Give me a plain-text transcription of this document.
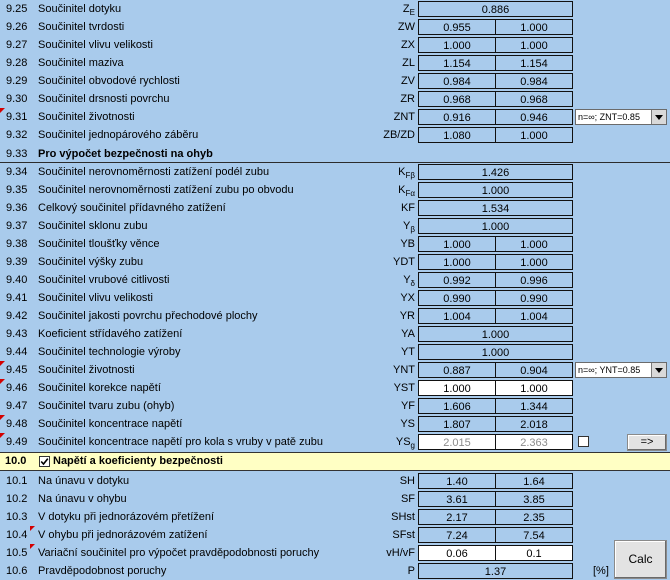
9.25 Součinitel dotyku	$Z_E$	0.886
9.26 Součinitel tvrdosti	ZW	0.955	1.000
9.27 Součinitel vlivu velikosti	ZX	1.000	1.000
9.28 Součinitel maziva	ZL	1.154	1.154
9.29 Součinitel obvodové rychlosti	ZV	0.984	0.984
9.30 Součinitel drsnosti povrchu	ZR	0.968	0.968
9.31 Součinitel životnosti	ZNT	0.916	0.946	n=∞; ZNT=0.85
9.32 Součinitel jednopárového záběru	ZB/ZD	1.080	1.000
9.33 Pro výpočet bezpečnosti na ohyb
9.34 Součinitel nerovnoměrnosti zatížení podél zubu	$K_{F\beta}$	1.426
9.35 Součinitel nerovnoměrnosti zatížení zubu po obvodu	$K_{F\alpha}$	1.000
9.36 Celkový součinitel přídavného zatížení	KF	1.534
9.37 Součinitel sklonu zubu	$Y_\beta$	1.000
9.38 Součinitel tloušťky věnce	YB	1.000	1.000
9.39 Součinitel výšky zubu	YDT	1.000	1.000
9.40 Součinitel vrubové citlivosti	$Y_\delta$	0.992	0.996
9.41 Součinitel vlivu velikosti	YX	0.990	0.990
9.42 Součinitel jakosti povrchu přechodové plochy	YR	1.004	1.004
9.43 Koeficient střídavého zatížení	YA	1.000
9.44 Součinitel technologie výroby	YT	1.000
9.45 Součinitel životnosti	YNT	0.887	0.904	n=∞; YNT=0.85
9.46 Součinitel korekce napětí	YST	1.000	1.000
9.47 Součinitel tvaru zubu (ohyb)	YF	1.606	1.344
9.48 Součinitel koncentrace napětí	YS	1.807	2.018
9.49 Součinitel koncentrace napětí pro kola s vruby v patě zubu	$YS_g$	2.015	2.363	=>
10.0 Napětí a koeficienty bezpečnosti
10.1 Na únavu v dotyku	SH	1.40	1.64
10.2 Na únavu v ohybu	SF	3.61	3.85
10.3 V dotyku při jednorázovém přetížení	SHst	2.17	2.35
10.4 V ohybu při jednorázovém zatížení	SFst	7.24	7.54
10.5 Variační součinitel pro výpočet pravděpodobnosti poruchy	vH/vF	0.06	0.1
10.6 Pravděpodobnost poruchy	P	1.37	[%]
Calc
